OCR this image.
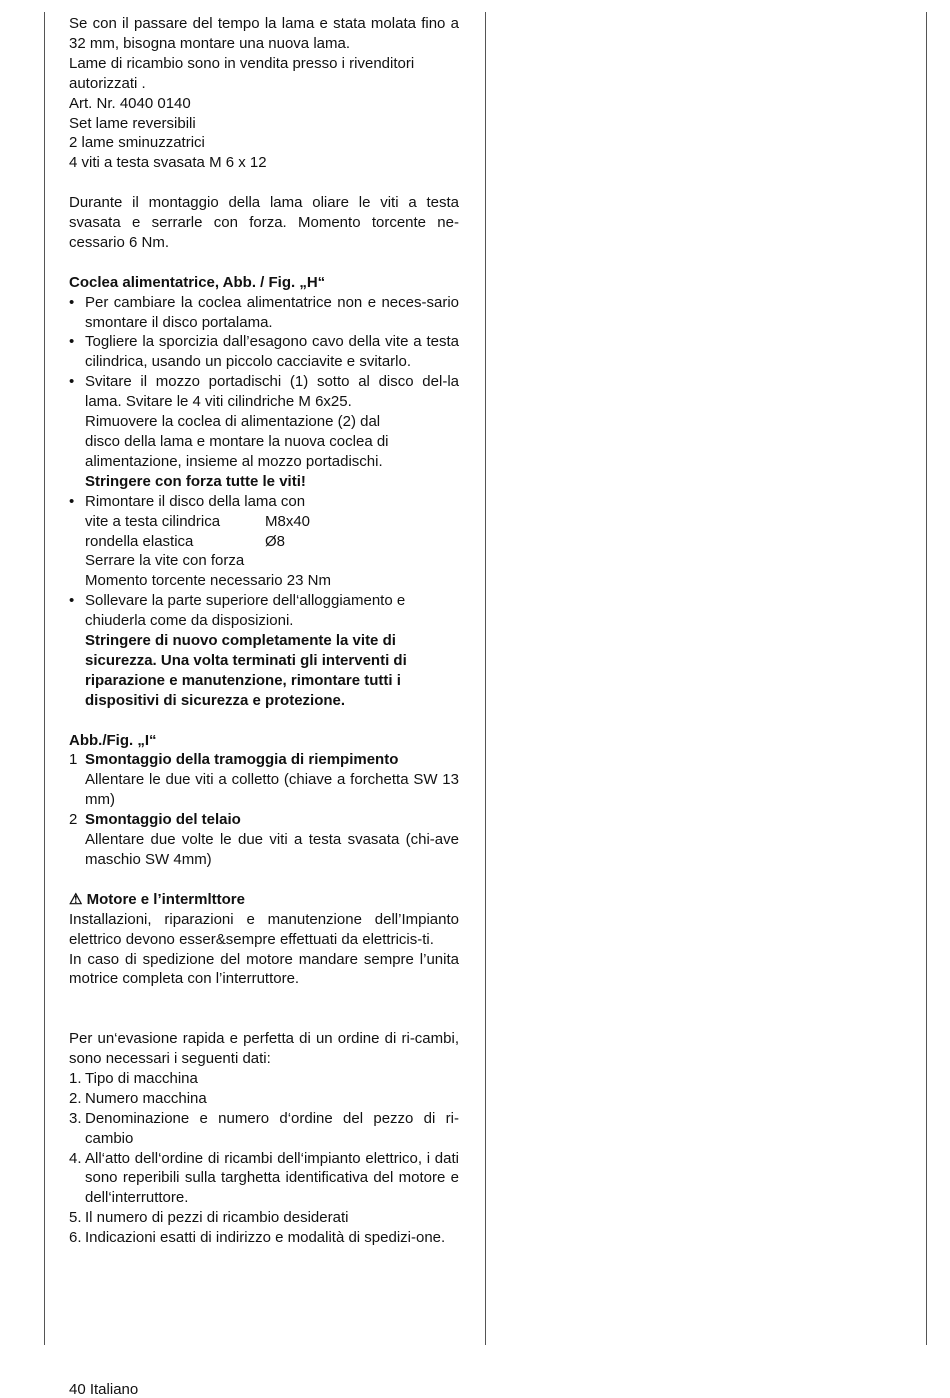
Se con il passare del tempo la lama e stata molata fino a 32 mm, bisogna montare una nuova lama.

Lame di ricambio sono in vendita presso i rivenditori autorizzati .

Art. Nr. 4040 0140

Set lame reversibili

2 lame sminuzzatrici

4 viti a testa svasata M 6 x 12

Durante il montaggio della lama oliare le viti a testa svasata e serrarle con forza. Momento torcente ne-cessario 6 Nm.

Coclea alimentatrice, Abb. / Fig. „H“

• Per cambiare la coclea alimentatrice non e neces-sario smontare il disco portalama.
• Togliere la sporcizia dall’esagono cavo della vite a testa cilindrica, usando un piccolo cacciavite e svitarlo.
• Svitare il mozzo portadischi (1) sotto al disco del-la lama. Svitare le 4 viti cilindriche M 6x25.

Rimuovere la coclea di alimentazione (2) dal

disco della lama e montare la nuova coclea di

alimentazione, insieme al mozzo portadischi.

Stringere con forza tutte le viti!

• Rimontare il disco della lama con

vite a testa cilindrica	M8x40

rondella elastica	Ø8

Serrare la vite con forza

Momento torcente necessario 23 Nm

• Sollevare la parte superiore dell‘alloggiamento e chiuderla come da disposizioni.

Stringere di nuovo completamente la vite di sicurezza. Una volta terminati gli interventi di riparazione e manutenzione, rimontare tutti i dispositivi di sicurezza e protezione.

Abb./Fig. „I“

1 Smontaggio della tramoggia di riempimento

Allentare le due viti a colletto (chiave a forchetta SW 13 mm)

2 Smontaggio del telaio

Allentare due volte le due viti a testa svasata (chi-ave maschio SW 4mm)

⚠ Motore e l’intermlttore

Installazioni, riparazioni e manutenzione dell’Impianto elettrico devono esser&sempre effettuati da elettricis-ti.

In caso di spedizione del motore mandare sempre l’unita motrice completa con l’interruttore.

Per un‘evasione rapida e perfetta di un ordine di ri-cambi, sono necessari i seguenti dati:

1. Tipo di macchina
2. Numero macchina
3. Denominazione e numero d‘ordine del pezzo di ri-cambio
4. All‘atto dell‘ordine di ricambi dell‘impianto elettrico, i dati sono reperibili sulla targhetta identificativa del motore e dell‘interruttore.
5. Il numero di pezzi di ricambio desiderati
6. Indicazioni esatti di indirizzo e modalità di spedizi-one.
40 Italiano
